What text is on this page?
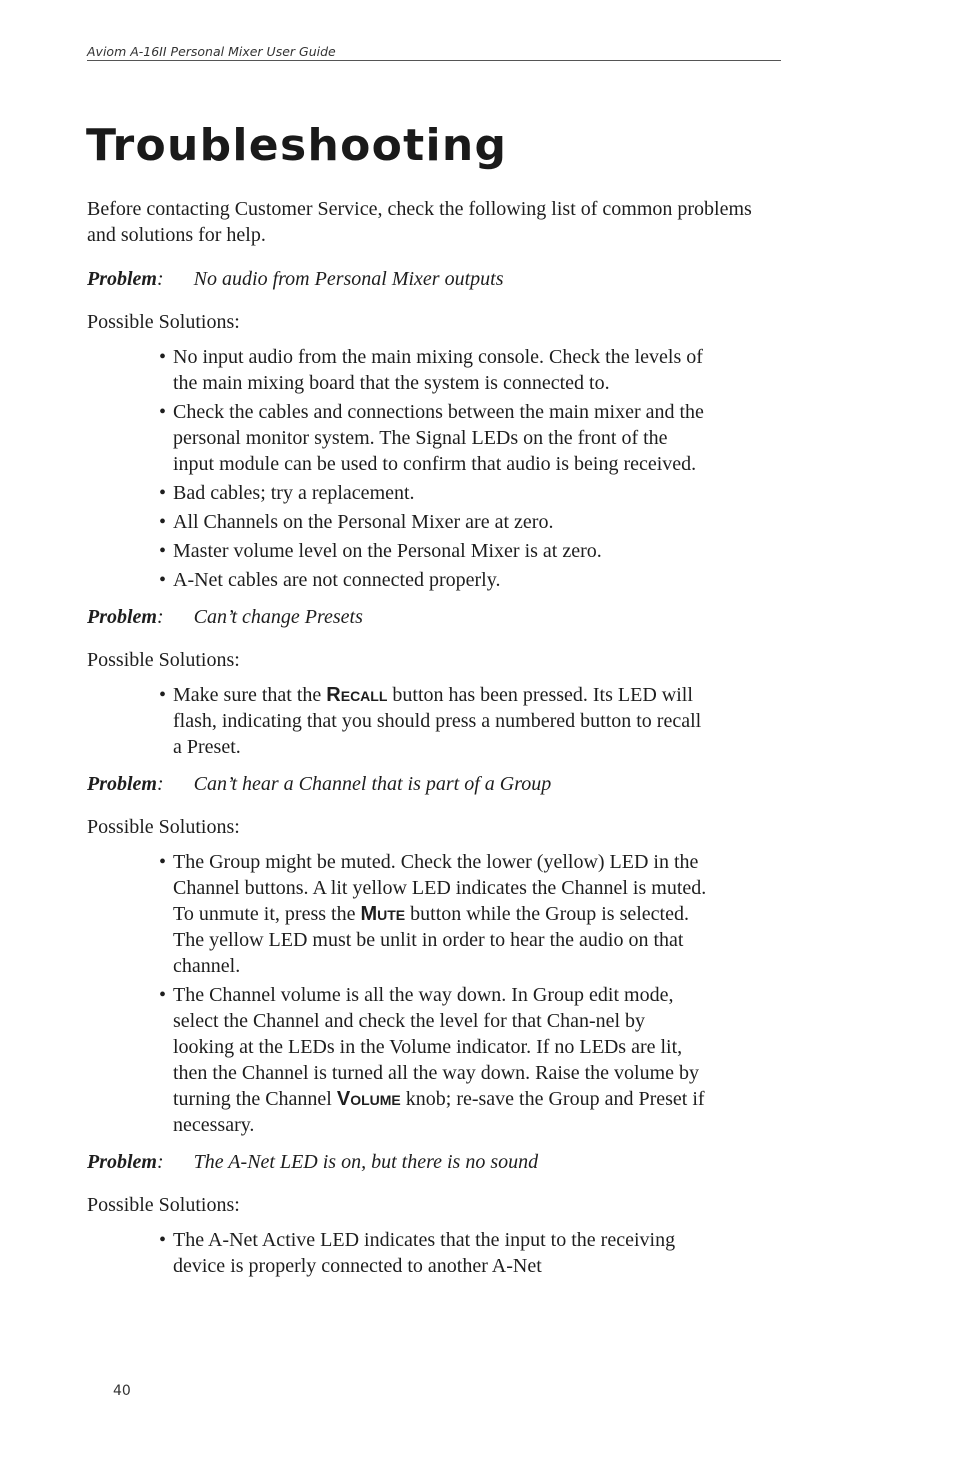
Aviom A-16II Personal Mixer User Guide
Troubleshooting

Before contacting Customer Service, check the following list of common problems and solutions for help.

Problem: No audio from Personal Mixer outputs

Possible Solutions:

• No input audio from the main mixing console. Check the levels of the main mixing board that the system is connected to.
• Check the cables and connections between the main mixer and the personal monitor system. The Signal LEDs on the front of the input module can be used to confirm that audio is being received.
• Bad cables; try a replacement.
• All Channels on the Personal Mixer are at zero.
• Master volume level on the Personal Mixer is at zero.
• A-Net cables are not connected properly.

Problem: Can’t change Presets

Possible Solutions:

• Make sure that the Recall button has been pressed. Its LED will flash, indicating that you should press a numbered button to recall a Preset.

Problem: Can’t hear a Channel that is part of a Group

Possible Solutions:

• The Group might be muted. Check the lower (yellow) LED in the Channel buttons. A lit yellow LED indicates the Channel is muted. To unmute it, press the Mute button while the Group is selected. The yellow LED must be unlit in order to hear the audio on that channel.
• The Channel volume is all the way down. In Group edit mode, select the Channel and check the level for that Chan-nel by looking at the LEDs in the Volume indicator. If no LEDs are lit, then the Channel is turned all the way down. Raise the volume by turning the Channel Volume knob; re-save the Group and Preset if necessary.

Problem: The A-Net LED is on, but there is no sound

Possible Solutions:

• The A-Net Active LED indicates that the input to the receiving device is properly connected to another A-Net
40
